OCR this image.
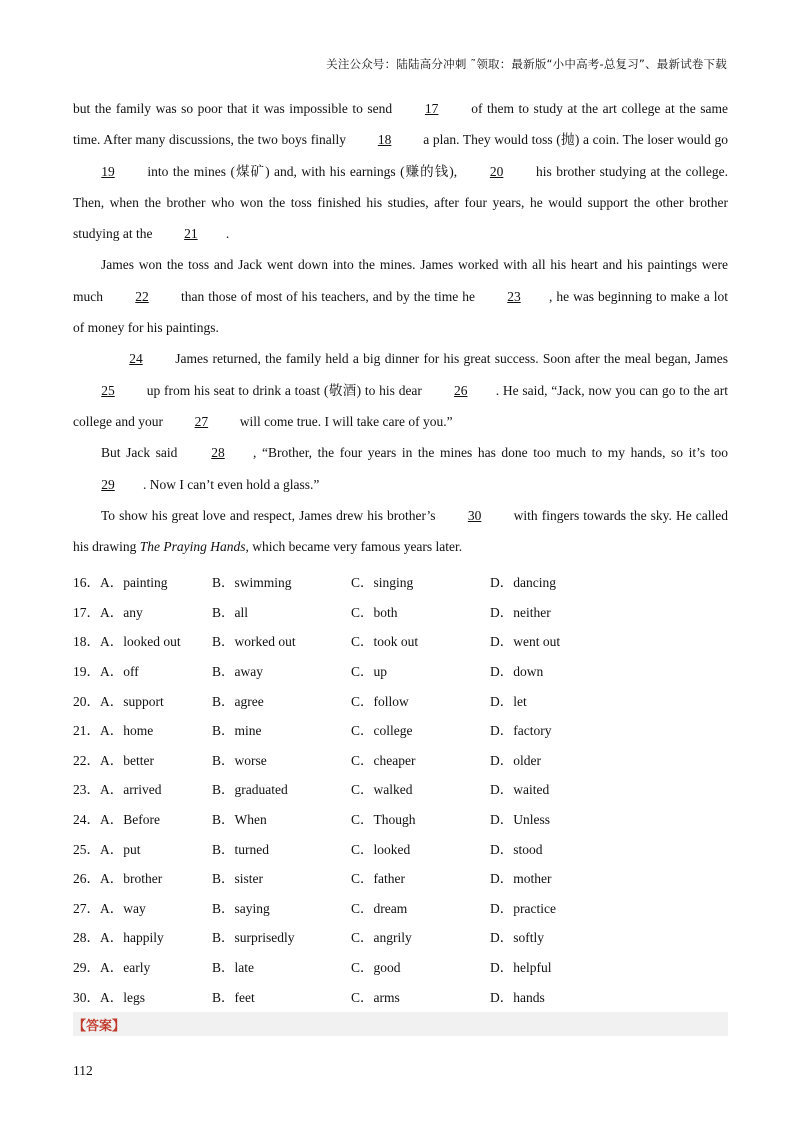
关注公众号：陆陆高分冲刺 ˜领取：最新版“小中高考-总复习”、最新试卷下载

but the family was so poor that it was impossible to send 17 of them to study at the art college at the same time. After many discussions, the two boys finally 18 a plan. They would toss (抛) a coin. The loser would go 19 into the mines (煤矿) and, with his earnings (赚的钱), 20 his brother studying at the college. Then, when the brother who won the toss finished his studies, after four years, he would support the other brother studying at the 21 .

James won the toss and Jack went down into the mines. James worked with all his heart and his paintings were much 22 than those of most of his teachers, and by the time he 23 , he was beginning to make a lot of money for his paintings.

24 James returned, the family held a big dinner for his great success. Soon after the meal began, James 25 up from his seat to drink a toast (敬酒) to his dear 26 . He said, “Jack, now you can go to the art college and your 27 will come true. I will take care of you.”

But Jack said 28 , “Brother, the four years in the mines has done too much to my hands, so it’s too 29 . Now I can’t even hold a glass.”

To show his great love and respect, James drew his brother’s 30 with fingers towards the sky. He called his drawing The Praying Hands, which became very famous years later.

16．A．painting	B．swimming	C．singing	D．dancing
17．A．any	B．all	C．both	D．neither
18．A．looked out	B．worked out	C．took out	D．went out
19．A．off	B．away	C．up	D．down
20．A．support	B．agree	C．follow	D．let
21．A．home	B．mine	C．college	D．factory
22．A．better	B．worse	C．cheaper	D．older
23．A．arrived	B．graduated	C．walked	D．waited
24．A．Before	B．When	C．Though	D．Unless
25．A．put	B．turned	C．looked	D．stood
26．A．brother	B．sister	C．father	D．mother
27．A．way	B．saying	C．dream	D．practice
28．A．happily	B．surprisedly	C．angrily	D．softly
29．A．early	B．late	C．good	D．helpful
30．A．legs	B．feet	C．arms	D．hands
【答案】
112
